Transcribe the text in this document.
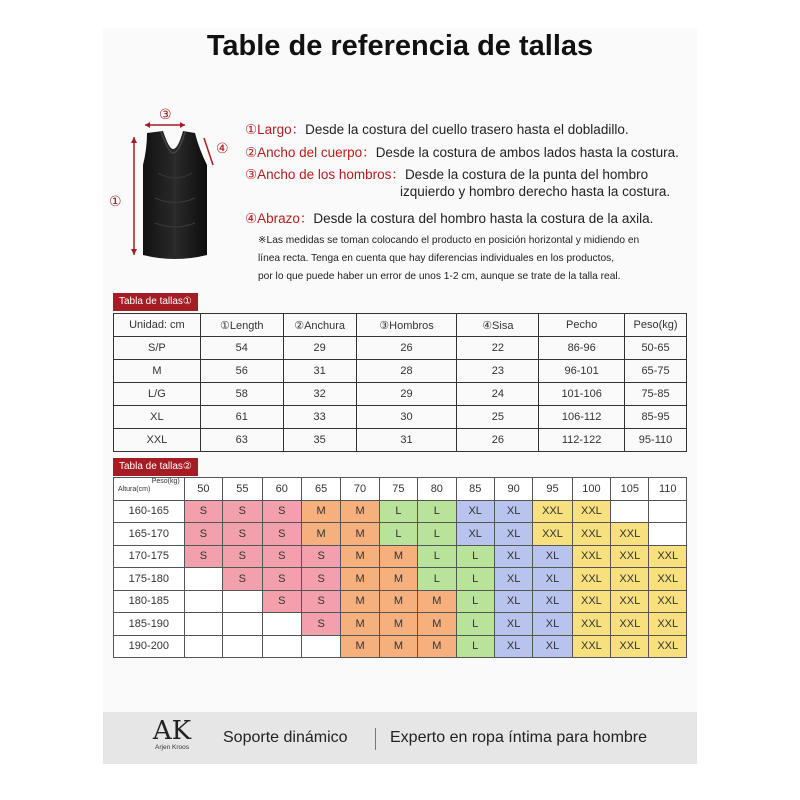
Table de referencia de tallas
①
③
④
①Largo：Desde la costura del cuello trasero hasta el dobladillo.
②Ancho del cuerpo：Desde la costura de ambos lados hasta la costura.
③Ancho de los hombros：Desde la costura de la punta del hombro
izquierdo y hombro derecho hasta la costura.
④Abrazo：Desde la costura del hombro hasta la costura de la axila.
※Las medidas se toman colocando el producto en posición horizontal y midiendo en
línea recta. Tenga en cuenta que hay diferencias individuales en los productos,
por lo que puede haber un error de unos 1-2 cm, aunque se trate de la talla real.
Tabla de tallas①
Unidad: cm	①Length	②Anchura	③Hombros	④Sisa	Pecho	Peso(kg)
S/P	54	29	26	22	86-96	50-65
M	56	31	28	23	96-101	65-75
L/G	58	32	29	24	101-106	75-85
XL	61	33	30	25	106-112	85-95
XXL	63	35	31	26	112-122	95-110
Tabla de tallas②
Peso(kg)
Altura(cm)	50	55	60	65	70	75	80	85	90	95	100	105	110
160-165	S	S	S	M	M	L	L	XL	XL	XXL	XXL		
165-170	S	S	S	M	M	L	L	XL	XL	XXL	XXL	XXL	
170-175	S	S	S	S	M	M	L	L	XL	XL	XXL	XXL	XXL
175-180		S	S	S	M	M	L	L	XL	XL	XXL	XXL	XXL
180-185			S	S	M	M	M	L	XL	XL	XXL	XXL	XXL
185-190				S	M	M	M	L	XL	XL	XXL	XXL	XXL
190-200					M	M	M	L	XL	XL	XXL	XXL	XXL
AK
Arjen Kroos
Soporte dinámico	Experto en ropa íntima para hombre
